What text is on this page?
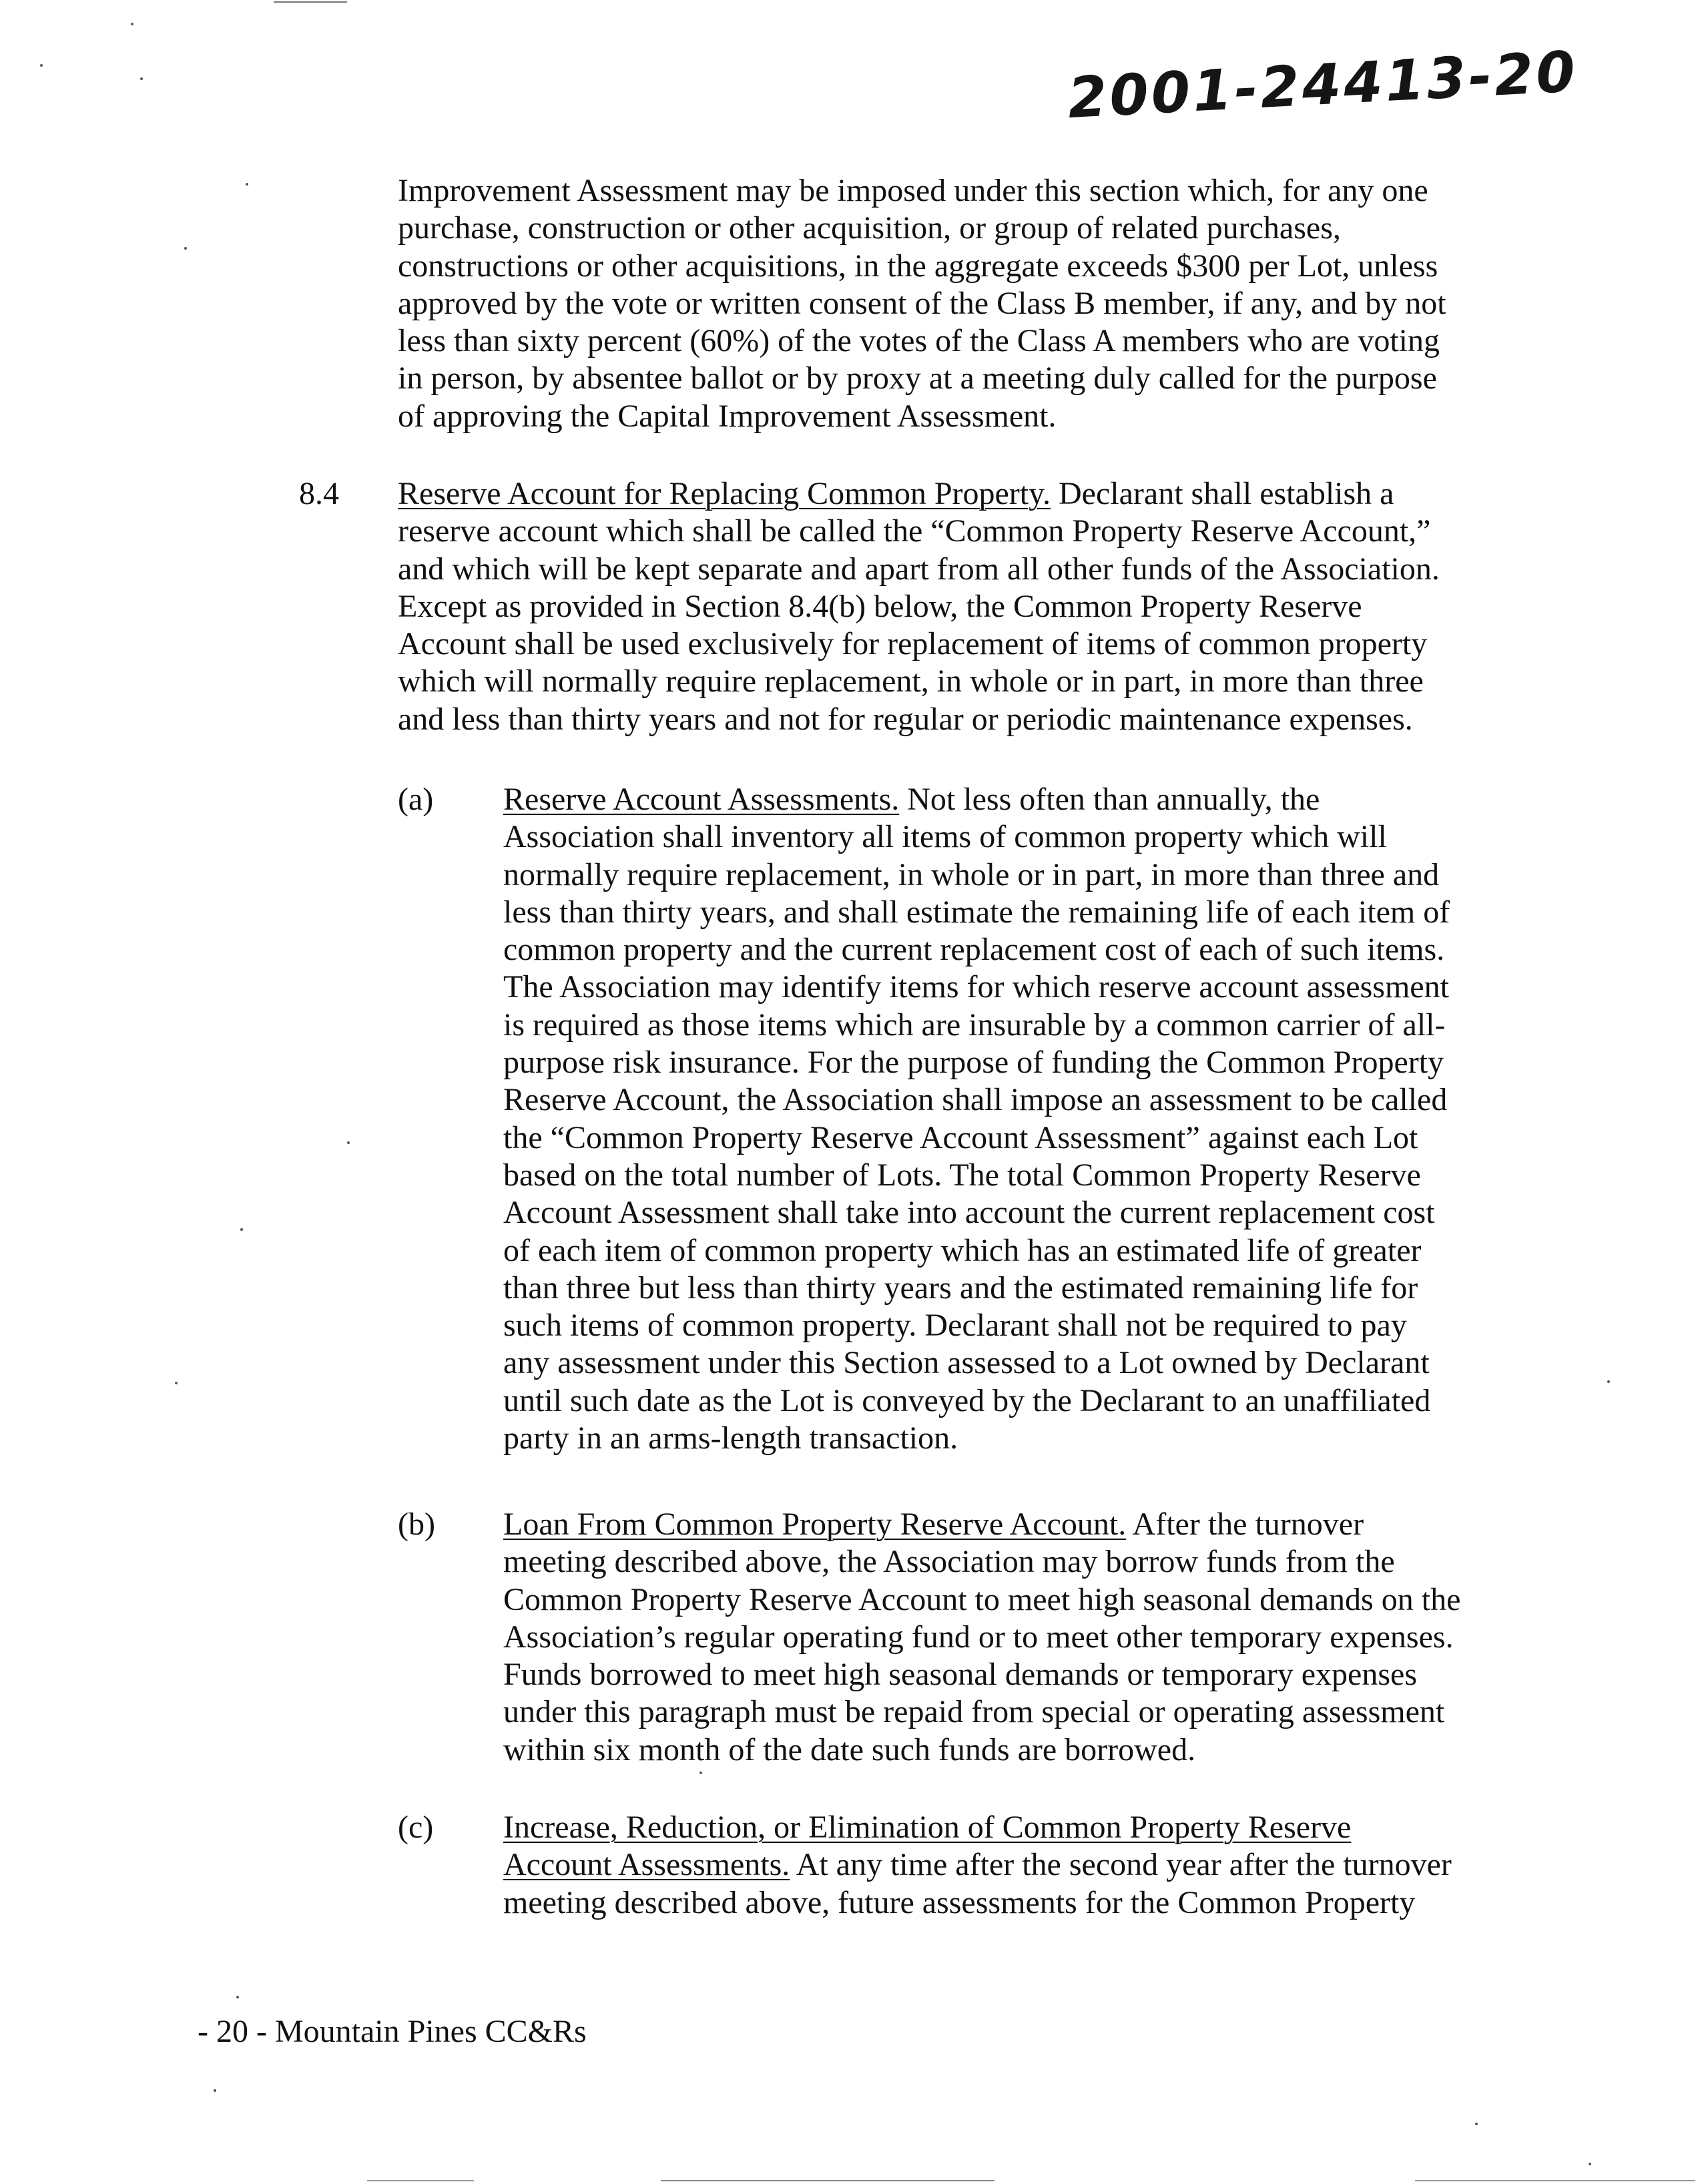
2001-24413-20

Improvement Assessment may be imposed under this section which, for any one
purchase, construction or other acquisition, or group of related purchases,
constructions or other acquisitions, in the aggregate exceeds $300 per Lot, unless
approved by the vote or written consent of the Class B member, if any, and by not
less than sixty percent (60%) of the votes of the Class A members who are voting
in person, by absentee ballot or by proxy at a meeting duly called for the purpose
of approving the Capital Improvement Assessment.

8.4 Reserve Account for Replacing Common Property. Declarant shall establish a
reserve account which shall be called the “Common Property Reserve Account,”
and which will be kept separate and apart from all other funds of the Association.
Except as provided in Section 8.4(b) below, the Common Property Reserve
Account shall be used exclusively for replacement of items of common property
which will normally require replacement, in whole or in part, in more than three
and less than thirty years and not for regular or periodic maintenance expenses.

(a) Reserve Account Assessments. Not less often than annually, the
Association shall inventory all items of common property which will
normally require replacement, in whole or in part, in more than three and
less than thirty years, and shall estimate the remaining life of each item of
common property and the current replacement cost of each of such items.
The Association may identify items for which reserve account assessment
is required as those items which are insurable by a common carrier of all-
purpose risk insurance. For the purpose of funding the Common Property
Reserve Account, the Association shall impose an assessment to be called
the “Common Property Reserve Account Assessment” against each Lot
based on the total number of Lots. The total Common Property Reserve
Account Assessment shall take into account the current replacement cost
of each item of common property which has an estimated life of greater
than three but less than thirty years and the estimated remaining life for
such items of common property. Declarant shall not be required to pay
any assessment under this Section assessed to a Lot owned by Declarant
until such date as the Lot is conveyed by the Declarant to an unaffiliated
party in an arms-length transaction.

(b) Loan From Common Property Reserve Account. After the turnover
meeting described above, the Association may borrow funds from the
Common Property Reserve Account to meet high seasonal demands on the
Association’s regular operating fund or to meet other temporary expenses.
Funds borrowed to meet high seasonal demands or temporary expenses
under this paragraph must be repaid from special or operating assessment
within six month of the date such funds are borrowed.

(c) Increase, Reduction, or Elimination of Common Property Reserve
Account Assessments. At any time after the second year after the turnover
meeting described above, future assessments for the Common Property

- 20 - Mountain Pines CC&Rs
